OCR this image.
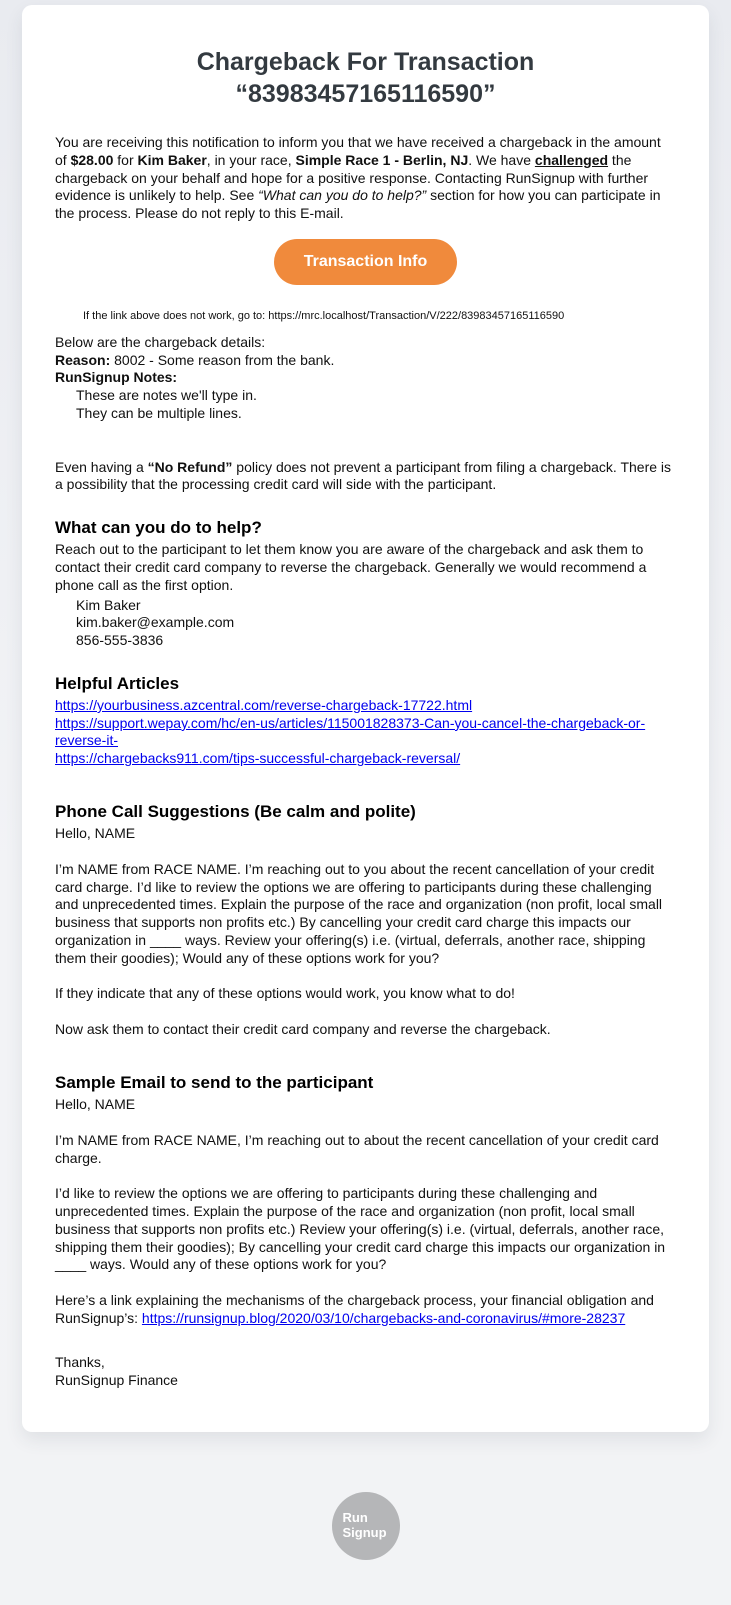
Chargeback For Transaction
“83983457165116590”

You are receiving this notification to inform you that we have received a chargeback in the amount of $28.00 for Kim Baker, in your race, Simple Race 1 - Berlin, NJ. We have challenged the chargeback on your behalf and hope for a positive response. Contacting RunSignup with further evidence is unlikely to help. See “What can you do to help?” section for how you can participate in the process. Please do not reply to this E-mail.

Transaction Info

If the link above does not work, go to: https://mrc.localhost/Transaction/V/222/83983457165116590

Below are the chargeback details:
Reason: 8002 - Some reason from the bank.
RunSignup Notes:
These are notes we'll type in.
They can be multiple lines.

Even having a “No Refund” policy does not prevent a participant from filing a chargeback. There is a possibility that the processing credit card will side with the participant.

What can you do to help?

Reach out to the participant to let them know you are aware of the chargeback and ask them to contact their credit card company to reverse the chargeback. Generally we would recommend a phone call as the first option.

Kim Baker
kim.baker@example.com
856-555-3836
Helpful Articles
https://yourbusiness.azcentral.com/reverse-chargeback-17722.html
https://support.wepay.com/hc/en-us/articles/115001828373-Can-you-cancel-the-chargeback-or-reverse-it-
https://chargebacks911.com/tips-successful-chargeback-reversal/
Phone Call Suggestions (Be calm and polite)

Hello, NAME

I’m NAME from RACE NAME. I’m reaching out to you about the recent cancellation of your credit card charge. I’d like to review the options we are offering to participants during these challenging and unprecedented times. Explain the purpose of the race and organization (non profit, local small business that supports non profits etc.) By cancelling your credit card charge this impacts our organization in ____ ways. Review your offering(s) i.e. (virtual, deferrals, another race, shipping them their goodies); Would any of these options work for you?

If they indicate that any of these options would work, you know what to do!

Now ask them to contact their credit card company and reverse the chargeback.

Sample Email to send to the participant

Hello, NAME

I’m NAME from RACE NAME, I’m reaching out to about the recent cancellation of your credit card charge.

I’d like to review the options we are offering to participants during these challenging and unprecedented times. Explain the purpose of the race and organization (non profit, local small business that supports non profits etc.) Review your offering(s) i.e. (virtual, deferrals, another race, shipping them their goodies); By cancelling your credit card charge this impacts our organization in ____ ways. Would any of these options work for you?

Here’s a link explaining the mechanisms of the chargeback process, your financial obligation and RunSignup’s: https://runsignup.blog/2020/03/10/chargebacks-and-coronavirus/#more-28237

Thanks,
RunSignup Finance
Run
Signup
